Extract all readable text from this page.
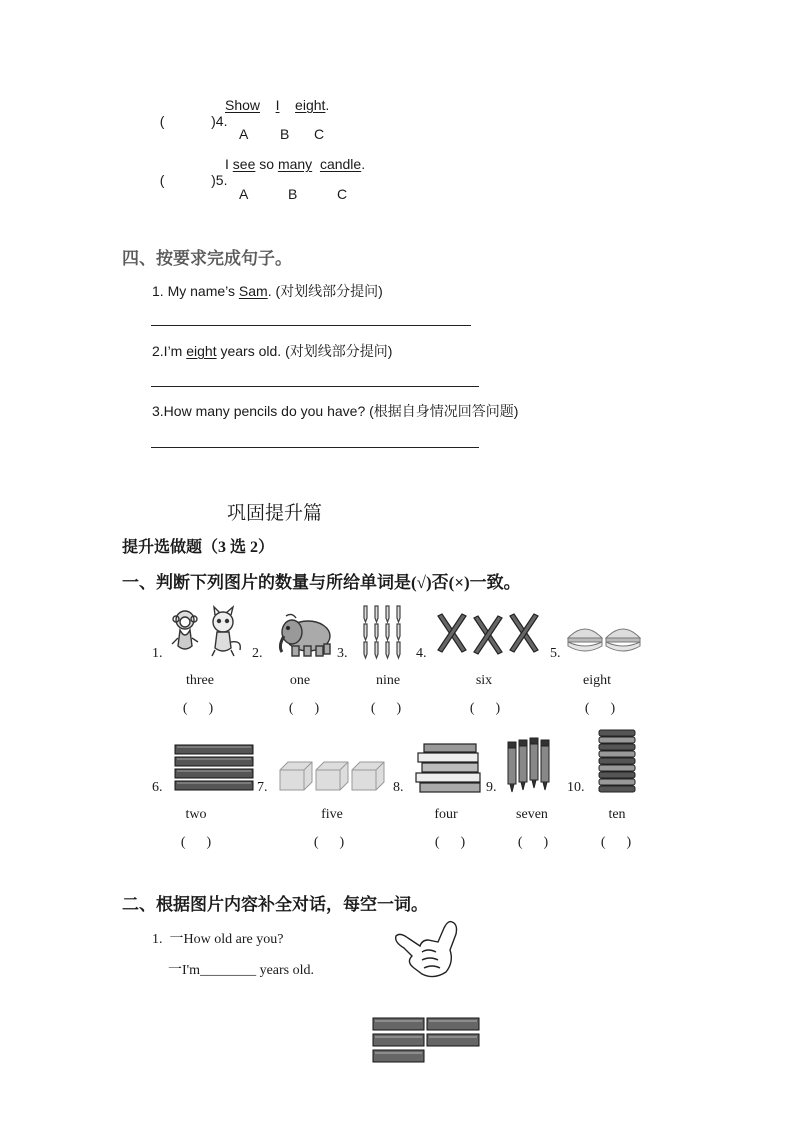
(            )4.

Show I eight.
A B C

(            )5.

I see so many candle.
A	B	C
四、按要求完成句子。
1. My name’s Sam. (对划线部分提问)
2.I’m eight years old. (对划线部分提问)
3.How many pencils do you have? (根据自身情况回答问题)
巩固提升篇
提升选做题（3 选 2）
一、判断下列图片的数量与所给单词是(√)否(×)一致。
1.	2.	3.	4.	5.
three	one	nine	six	eight
(      )	(      )	(      )	(      )	(      )
6.	7.	8.	9.	10.
two	five	four	seven	ten
(      )	(      )	(      )	(      )	(      )
二、根据图片内容补全对话，每空一词。
1.  一How old are you?
一I'm________ years old.
